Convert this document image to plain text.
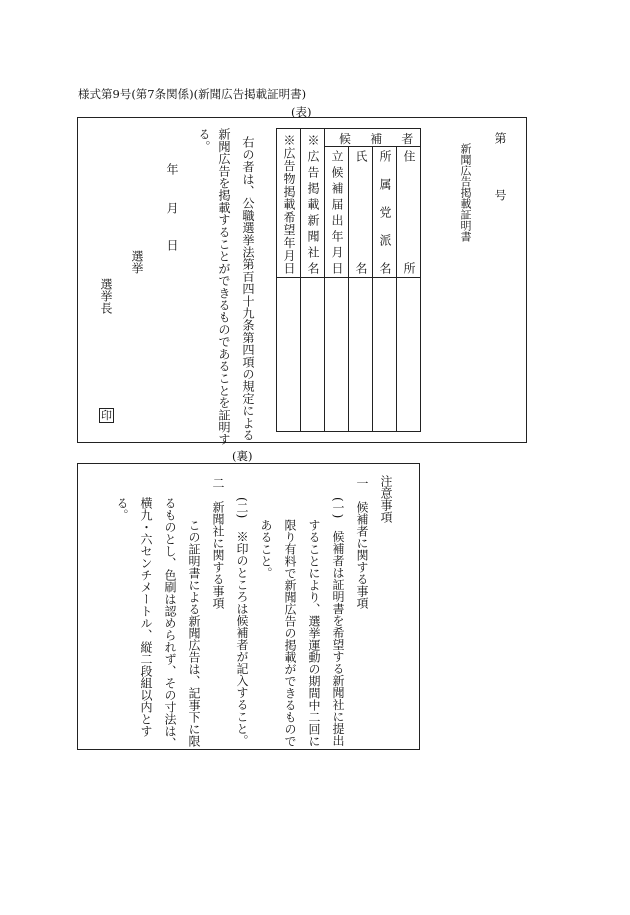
様式第9号(第7条関係)(新聞広告掲載証明書)
(表)
第
号
新聞広告掲載証明書
候　補　者
住　所
所属党派名
氏　名
立候補届出年月日
※広告掲載新聞社名
※広告物掲載希望年月日
右の者は、公職選挙法第百四十九条第四項の規定による
新聞広告を掲載することができるものであることを証明す
る。
年
月
日
選挙
選挙長
印
(裏)
注意事項
一　候補者に関する事項
(一)　候補者は証明書を希望する新聞社に提出
することにより、選挙運動の期間中二回に
限り有料で新聞広告の掲載ができるもので
あること。
(二)　※印のところは候補者が記入すること。
二　新聞社に関する事項
この証明書による新聞広告は、記事下に限
るものとし、色刷は認められず、その寸法は、
横九・六センチメートル、縦二段組以内とす
る。
